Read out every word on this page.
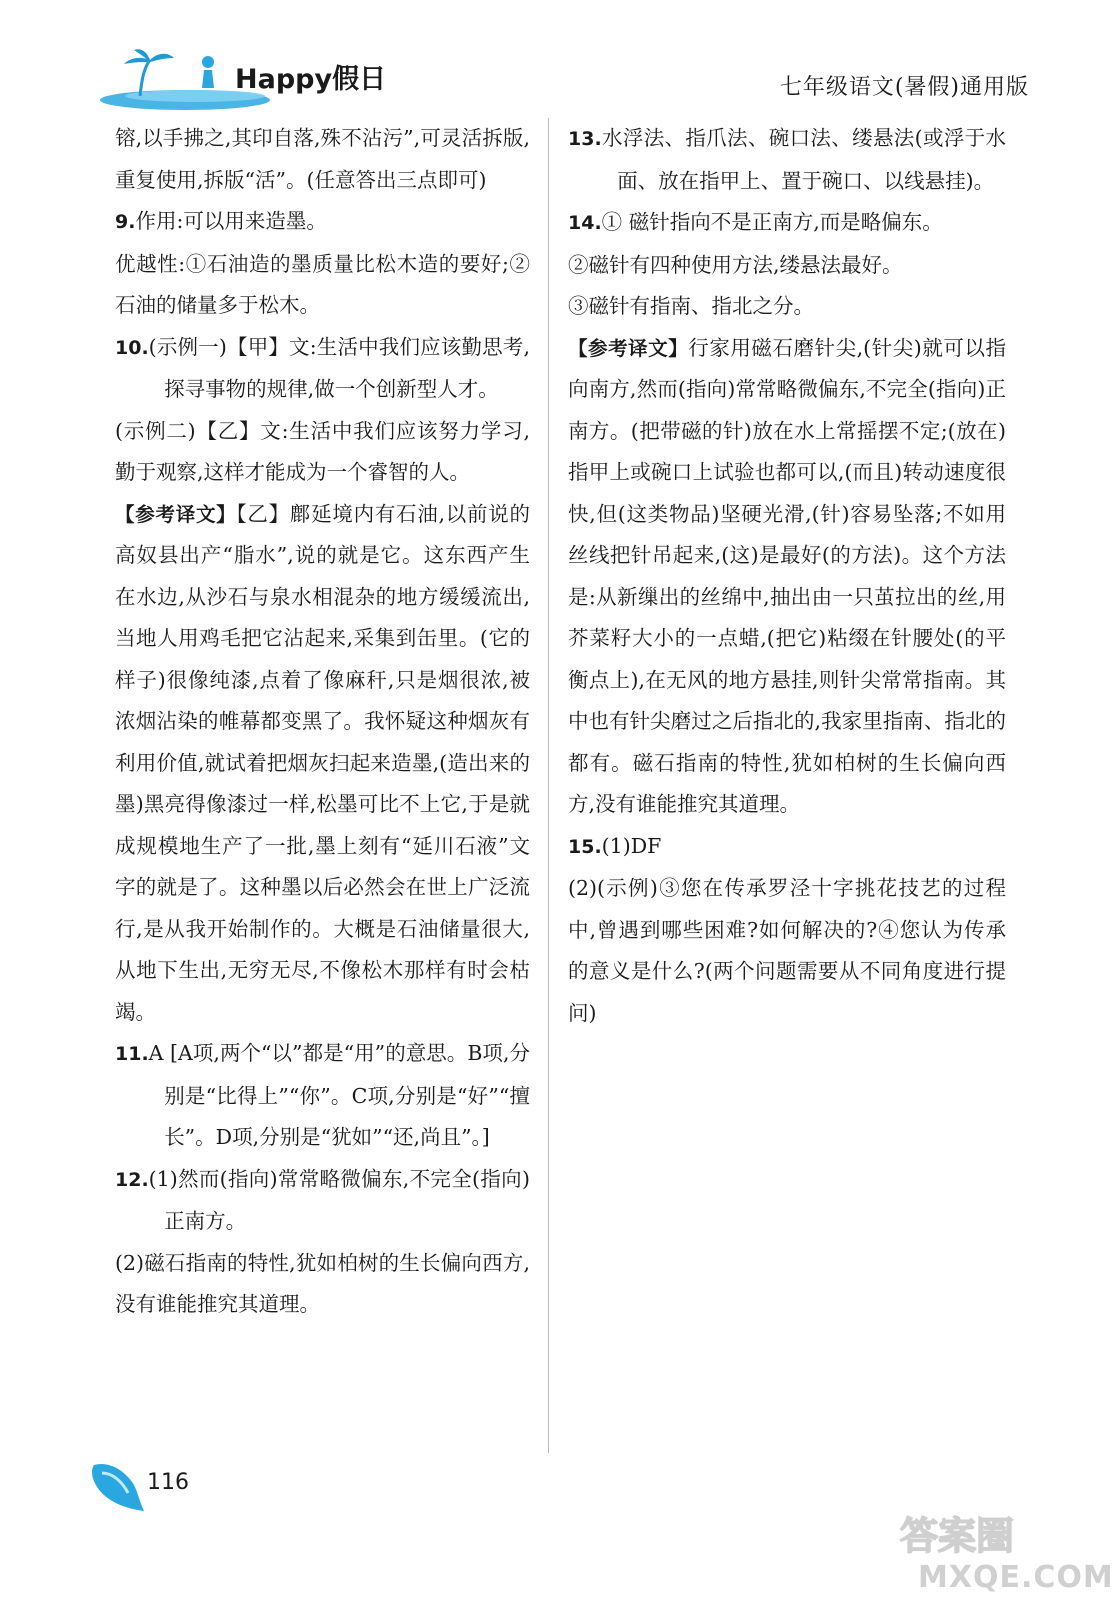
Happy假日	七年级语文(暑假)通用版

镕,以手拂之,其印自落,殊不沾污”,可灵活拆版,重复使用,拆版“活”。(任意答出三点即可)

9.作用:可以用来造墨。

优越性:①石油造的墨质量比松木造的要好;②石油的储量多于松木。

10.(示例一)【甲】文:生活中我们应该勤思考,探寻事物的规律,做一个创新型人才。

(示例二)【乙】文:生活中我们应该努力学习,勤于观察,这样才能成为一个睿智的人。

【参考译文】【乙】鄜延境内有石油,以前说的高奴县出产“脂水”,说的就是它。这东西产生在水边,从沙石与泉水相混杂的地方缓缓流出,当地人用鸡毛把它沾起来,采集到缶里。(它的样子)很像纯漆,点着了像麻秆,只是烟很浓,被浓烟沾染的帷幕都变黑了。我怀疑这种烟灰有利用价值,就试着把烟灰扫起来造墨,(造出来的墨)黑亮得像漆过一样,松墨可比不上它,于是就成规模地生产了一批,墨上刻有“延川石液”文字的就是了。这种墨以后必然会在世上广泛流行,是从我开始制作的。大概是石油储量很大,从地下生出,无穷无尽,不像松木那样有时会枯竭。

11.A [A项,两个“以”都是“用”的意思。B项,分别是“比得上”“你”。C项,分别是“好”“擅长”。D项,分别是“犹如”“还,尚且”。]

12.(1)然而(指向)常常略微偏东,不完全(指向)正南方。

(2)磁石指南的特性,犹如柏树的生长偏向西方,没有谁能推究其道理。

13.水浮法、指爪法、碗口法、缕悬法(或浮于水面、放在指甲上、置于碗口、以线悬挂)。

14.① 磁针指向不是正南方,而是略偏东。

②磁针有四种使用方法,缕悬法最好。

③磁针有指南、指北之分。

【参考译文】行家用磁石磨针尖,(针尖)就可以指向南方,然而(指向)常常略微偏东,不完全(指向)正南方。(把带磁的针)放在水上常摇摆不定;(放在)指甲上或碗口上试验也都可以,(而且)转动速度很快,但(这类物品)坚硬光滑,(针)容易坠落;不如用丝线把针吊起来,(这)是最好(的方法)。这个方法是:从新缫出的丝绵中,抽出由一只茧拉出的丝,用芥菜籽大小的一点蜡,(把它)粘缀在针腰处(的平衡点上),在无风的地方悬挂,则针尖常常指南。其中也有针尖磨过之后指北的,我家里指南、指北的都有。磁石指南的特性,犹如柏树的生长偏向西方,没有谁能推究其道理。

15.(1)DF

(2)(示例)③您在传承罗泾十字挑花技艺的过程中,曾遇到哪些困难?如何解决的?④您认为传承的意义是什么?(两个问题需要从不同角度进行提问)

116
答案圈
MXQE.COM
